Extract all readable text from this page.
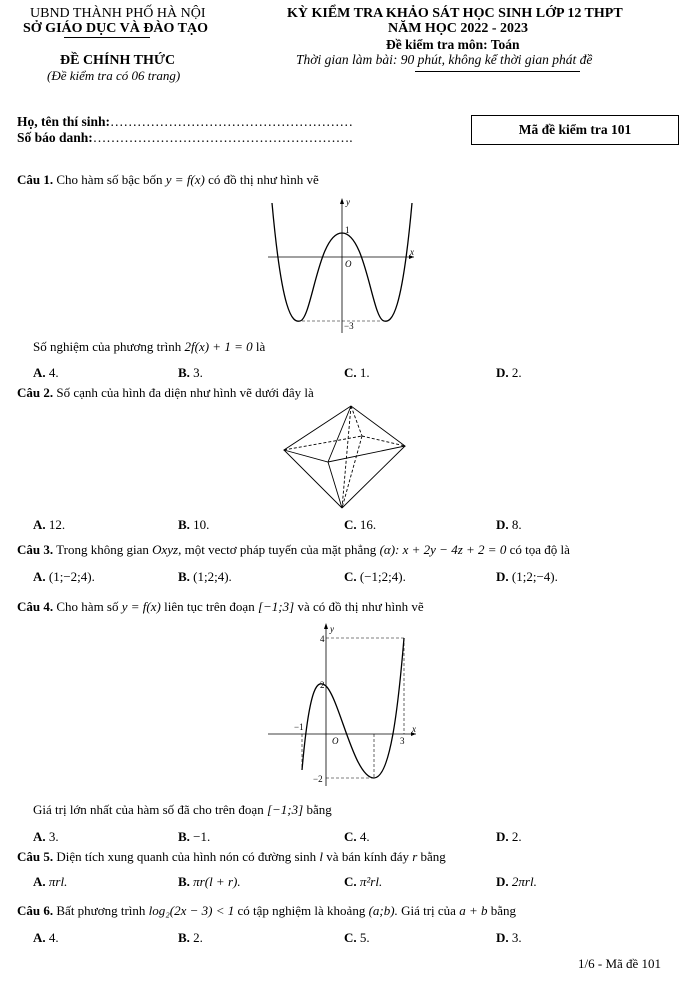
UBND THÀNH PHỐ HÀ NỘI
SỞ GIÁO DỤC VÀ ĐÀO TẠO
ĐỀ CHÍNH THỨC
(Đề kiểm tra có 06 trang)
KỲ KIỂM TRA KHẢO SÁT HỌC SINH LỚP 12 THPT
NĂM HỌC 2022 - 2023
Đề kiểm tra môn: Toán
Thời gian làm bài: 90 phút, không kể thời gian phát đề
Họ, tên thí sinh:………………………………………………
Số báo danh:………………………………………………….
Mã đề kiểm tra 101
Câu 1. Cho hàm số bậc bốn y = f(x) có đồ thị như hình vẽ
y
x
O
1
−3
Số nghiệm của phương trình 2f(x) + 1 = 0 là
A. 4.	B. 3.	C. 1.	D. 2.
Câu 2. Số cạnh của hình đa diện như hình vẽ dưới đây là
A. 12.	B. 10.	C. 16.	D. 8.
Câu 3. Trong không gian Oxyz, một vectơ pháp tuyến của mặt phẳng (α): x + 2y − 4z + 2 = 0 có tọa độ là
A. (1;−2;4).	B. (1;2;4).	C. (−1;2;4).	D. (1;2;−4).
Câu 4. Cho hàm số y = f(x) liên tục trên đoạn [−1;3] và có đồ thị như hình vẽ
y
x
O
4
2
−1
−2
3
Giá trị lớn nhất của hàm số đã cho trên đoạn [−1;3] bằng
A. 3.	B. −1.	C. 4.	D. 2.
Câu 5. Diện tích xung quanh của hình nón có đường sinh l và bán kính đáy r bằng
A. πrl.	B. πr(l + r).	C. π²rl.	D. 2πrl.
Câu 6. Bất phương trình log₂(2x − 3) < 1 có tập nghiệm là khoảng (a;b). Giá trị của a + b bằng
A. 4.	B. 2.	C. 5.	D. 3.
1/6 - Mã đề 101
